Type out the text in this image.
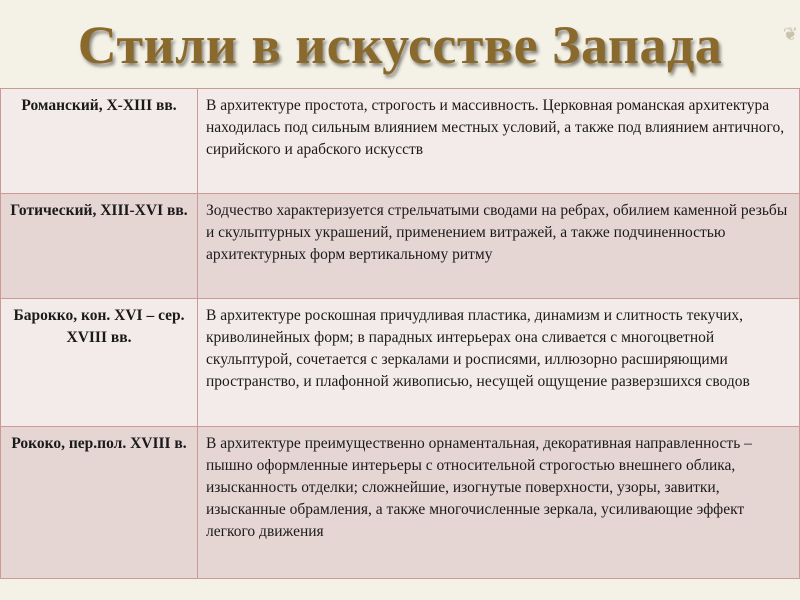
Стили в искусстве Запада	❦
Романский, X-XIII вв.	В архитектуре простота, строгость и массивность. Церковная романская архитектура находилась под сильным влиянием местных условий, а также под влиянием античного, сирийского и арабского искусств
Готический, XIII-XVI вв.	Зодчество характеризуется стрельчатыми сводами на ребрах, обилием каменной резьбы и скульптурных украшений, применением витражей, а также подчиненностью архитектурных форм вертикальному ритму
Барокко, кон. XVI – сер. XVIII вв.	В архитектуре роскошная причудливая пластика, динамизм и слитность текучих, криволинейных форм; в парадных интерьерах она сливается с многоцветной скульптурой, сочетается с зеркалами и росписями, иллюзорно расширяющими пространство, и плафонной живописью, несущей ощущение разверзшихся сводов
Рококо, пер.пол. XVIII в.	В архитектуре преимущественно орнаментальная, декоративная направленность – пышно оформленные интерьеры с относительной строгостью внешнего облика, изысканность отделки; сложнейшие, изогнутые поверхности, узоры, завитки, изысканные обрамления, а также многочисленные зеркала, усиливающие эффект легкого движения
